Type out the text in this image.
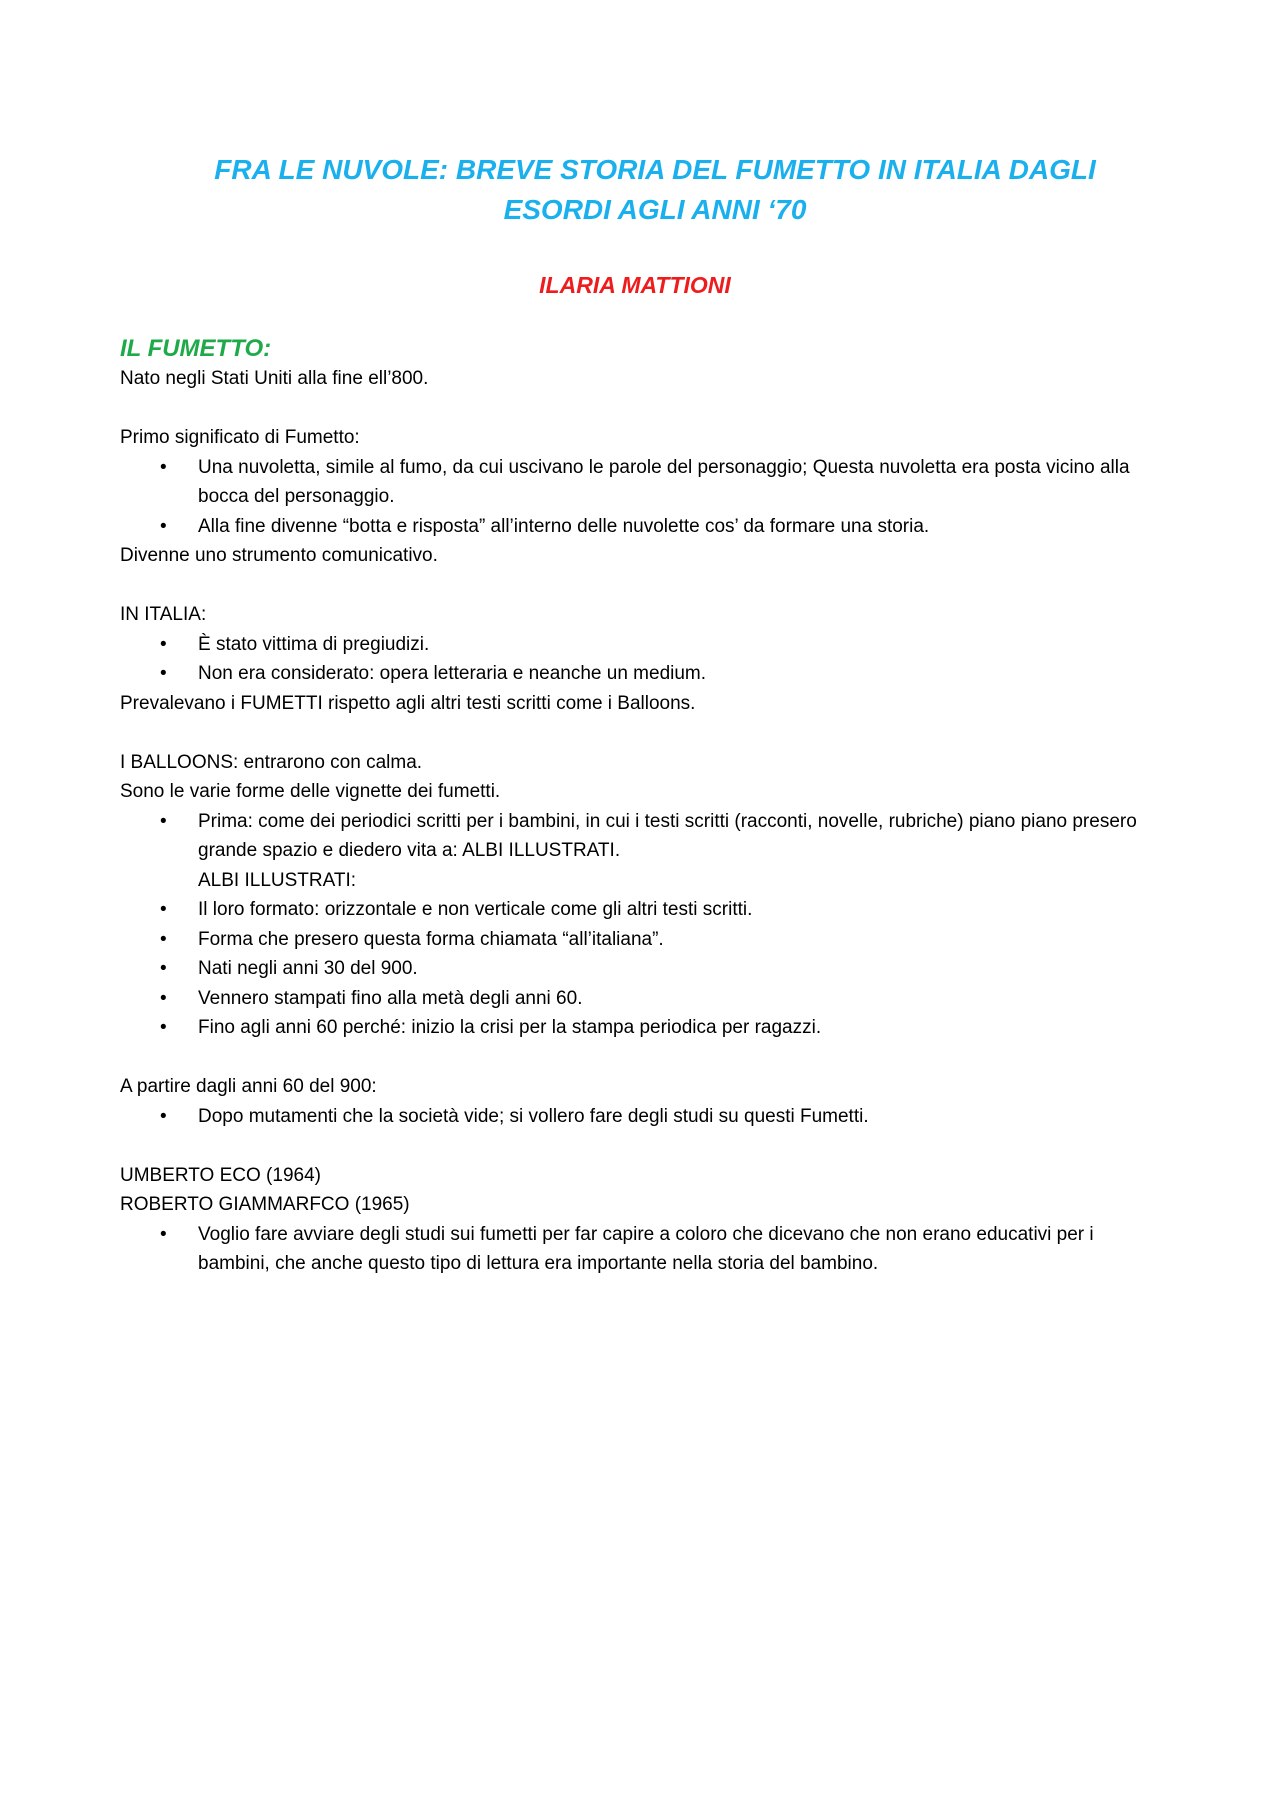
FRA LE NUVOLE: BREVE STORIA DEL FUMETTO IN ITALIA DAGLI
ESORDI AGLI ANNI ‘70
ILARIA MATTIONI
IL FUMETTO:

Nato negli Stati Uniti alla fine ell’800.

Primo significato di Fumetto:

• Una nuvoletta, simile al fumo, da cui uscivano le parole del personaggio; Questa nuvoletta era posta vicino alla bocca del personaggio.
• Alla fine divenne “botta e risposta” all’interno delle nuvolette cos’ da formare una storia.

Divenne uno strumento comunicativo.

IN ITALIA:

• È stato vittima di pregiudizi.
• Non era considerato: opera letteraria e neanche un medium.

Prevalevano i FUMETTI rispetto agli altri testi scritti come i Balloons.

I BALLOONS: entrarono con calma.

Sono le varie forme delle vignette dei fumetti.

• Prima: come dei periodici scritti per i bambini, in cui i testi scritti (racconti, novelle, rubriche) piano piano presero grande spazio e diedero vita a: ALBI ILLUSTRATI.
ALBI ILLUSTRATI:
• Il loro formato: orizzontale e non verticale come gli altri testi scritti.
• Forma che presero questa forma chiamata “all’italiana”.
• Nati negli anni 30 del 900.
• Vennero stampati fino alla metà degli anni 60.
• Fino agli anni 60 perché: inizio la crisi per la stampa periodica per ragazzi.

A partire dagli anni 60 del 900:

• Dopo mutamenti che la società vide; si vollero fare degli studi su questi Fumetti.

UMBERTO ECO (1964)

ROBERTO GIAMMARFCO (1965)

• Voglio fare avviare degli studi sui fumetti per far capire a coloro che dicevano che non erano educativi per i bambini, che anche questo tipo di lettura era importante nella storia del bambino.
